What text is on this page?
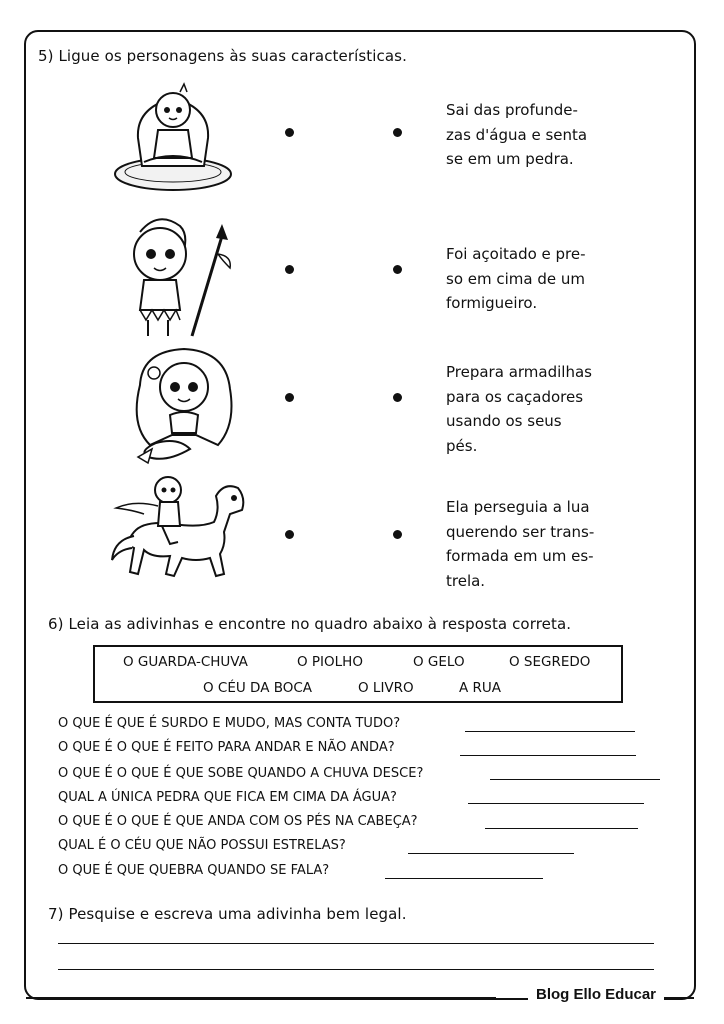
5) Ligue os personagens às suas características.
Sai das profunde-
zas d'água e senta
se em um pedra.
Foi açoitado e pre-
so em cima de um
formigueiro.
Prepara armadilhas
para os caçadores
usando os seus
pés.
Ela perseguia a lua
querendo ser trans-
formada em um es-
trela.
6) Leia as adivinhas e encontre no quadro abaixo à resposta correta.
O GUARDA-CHUVA	O PIOLHO	O GELO	O SEGREDO
O CÉU DA BOCA	O LIVRO	A RUA
O QUE É QUE É SURDO E MUDO, MAS CONTA TUDO?
O QUE É O QUE É FEITO PARA ANDAR E NÃO ANDA?
O QUE É O QUE É QUE SOBE QUANDO A CHUVA DESCE?
QUAL A ÚNICA PEDRA QUE FICA EM CIMA DA ÁGUA?
O QUE É O QUE É QUE ANDA COM OS PÉS NA CABEÇA?
QUAL É O CÉU QUE NÃO POSSUI ESTRELAS?
O QUE É QUE QUEBRA QUANDO SE FALA?
7) Pesquise e escreva uma adivinha bem legal.
Blog Ello Educar
